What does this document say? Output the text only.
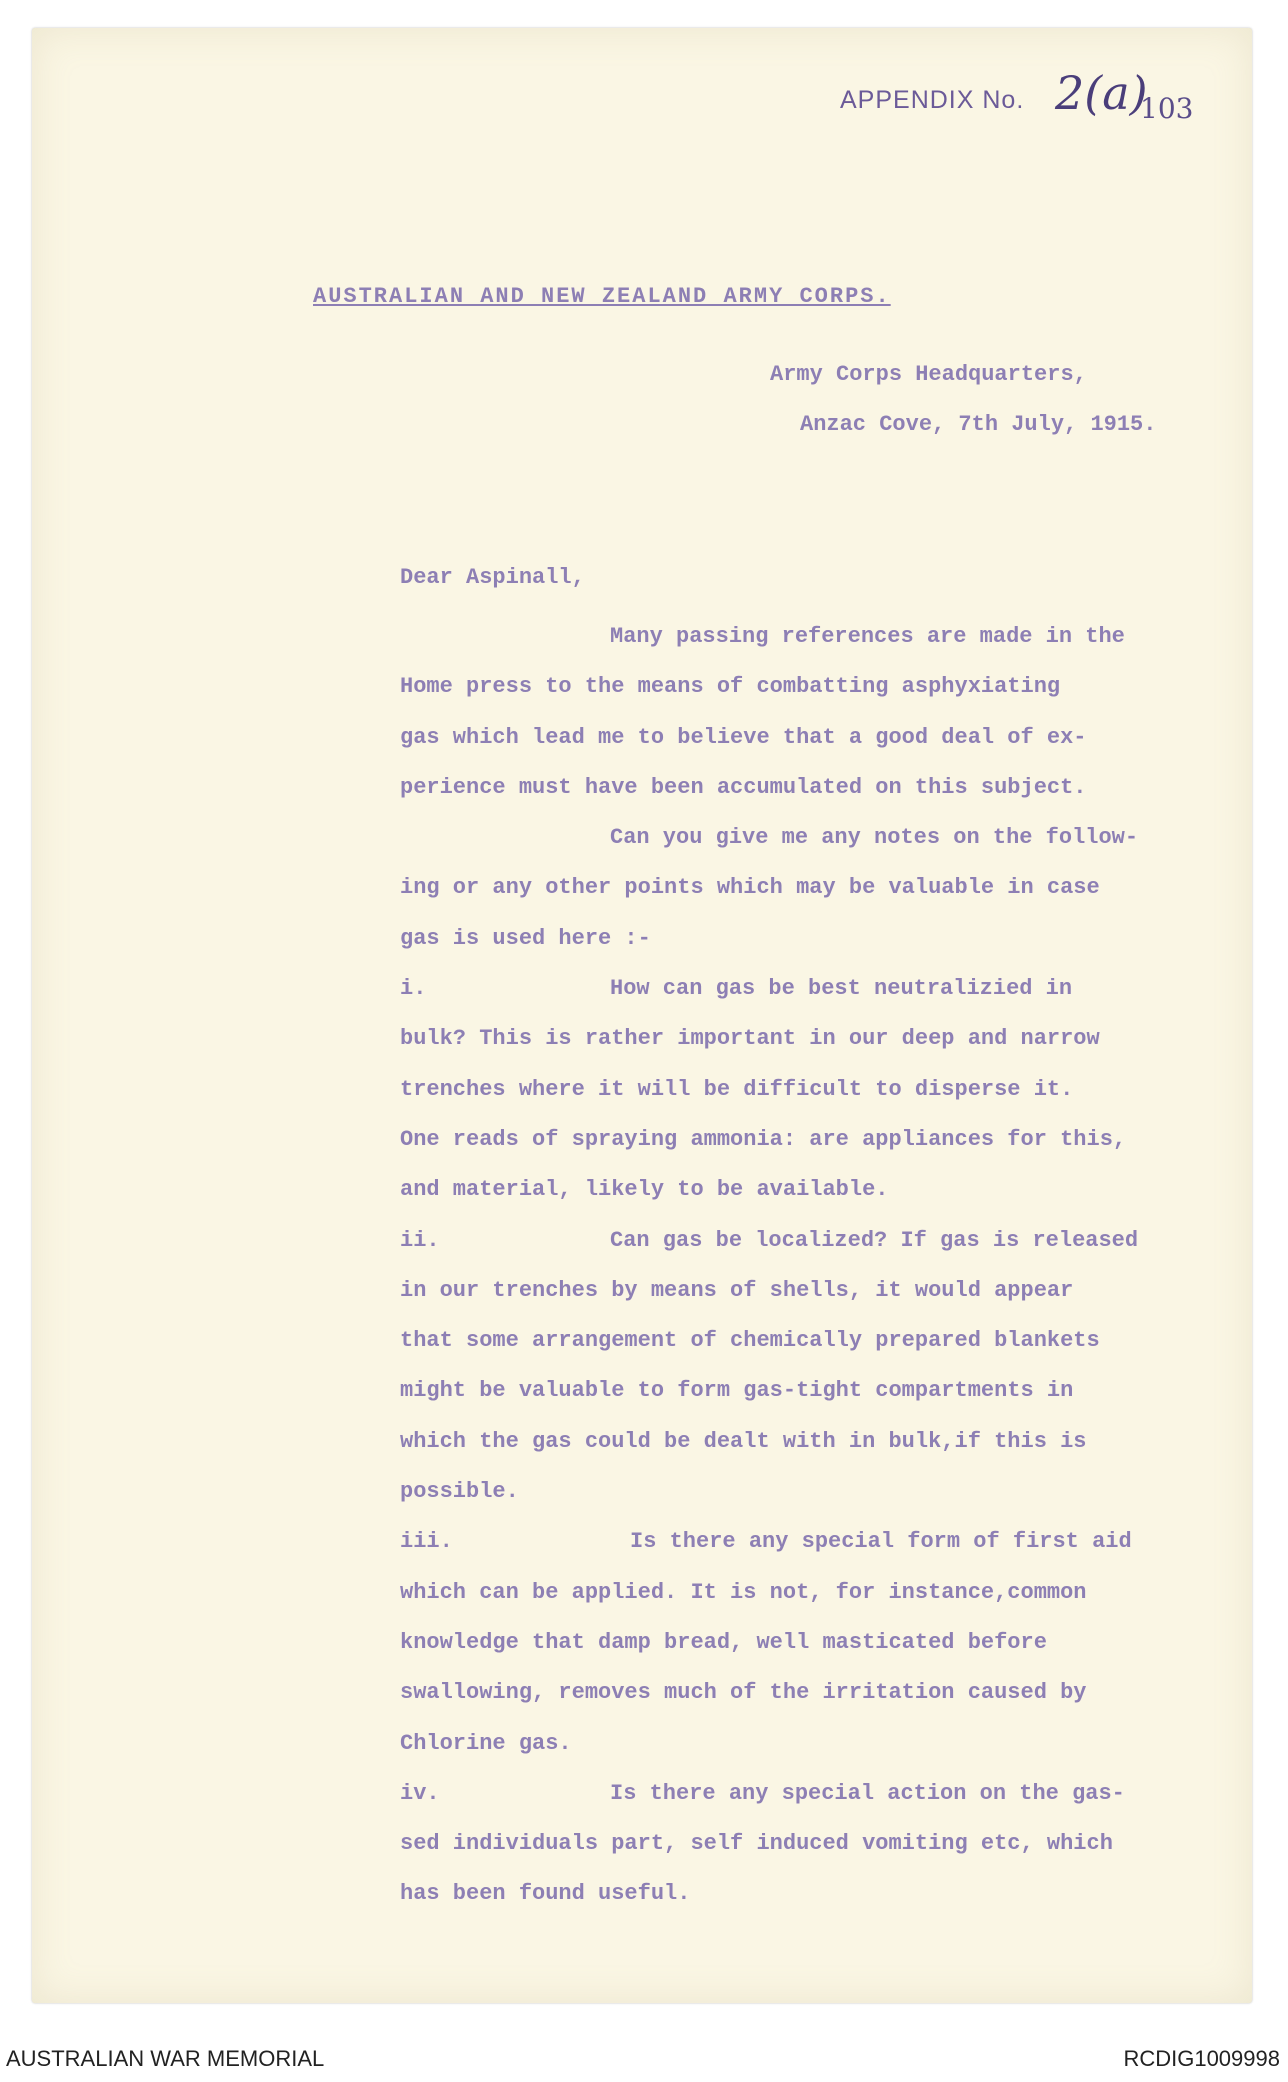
APPENDIX No. 2(a)
103
AUSTRALIAN AND NEW ZEALAND ARMY CORPS.
Army Corps Headquarters,
Anzac Cove, 7th July, 1915.
Dear Aspinall,
Many passing references are made in the
Home press to the means of combatting asphyxiating
gas which lead me to believe that a good deal of ex-
perience must have been accumulated on this subject.
Can you give me any notes on the follow-
ing or any other points which may be valuable in case
gas is used here :-
i.	How can gas be best neutralizied in
bulk? This is rather important in our deep and narrow
trenches where it will be difficult to disperse it.
One reads of spraying ammonia: are appliances for this,
and material, likely to be available.
ii.	Can gas be localized? If gas is released
in our trenches by means of shells, it would appear
that some arrangement of chemically prepared blankets
might be valuable to form gas-tight compartments in
which the gas could be dealt with in bulk,if this is
possible.
iii.	Is there any special form of first aid
which can be applied. It is not, for instance,common
knowledge that damp bread, well masticated before
swallowing, removes much of the irritation caused by
Chlorine gas.
iv.	Is there any special action on the gas-
sed individuals part, self induced vomiting etc, which
has been found useful.
AUSTRALIAN WAR MEMORIAL	RCDIG1009998
